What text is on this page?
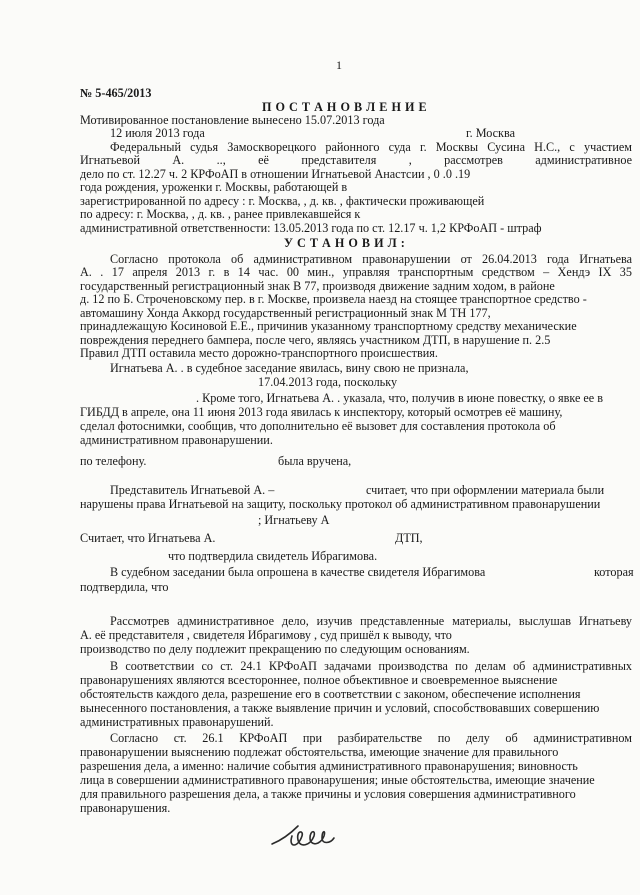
1
№ 5-465/2013
П О С Т А Н О В Л Е Н И Е
Мотивированное постановление вынесено 15.07.2013 года
12 июля 2013 года	г. Москва
Федеральный судья Замоскворецкого районного суда г. Москвы Сусина Н.С., с участием
Игнатьевой А. .., её представителя , рассмотрев административное
дело по ст. 12.27 ч. 2 КРФоАП в отношении Игнатьевой Анастсии , 0 .0 .19
года рождения, уроженки г. Москвы, работающей в
зарегистрированной по адресу : г. Москва, , д. кв. , фактически проживающей
по адресу: г. Москва, , д. кв. , ранее привлекавшейся к
административной ответственности: 13.05.2013 года по ст. 12.17 ч. 1,2 КРФоАП - штраф
У С Т А Н О В И Л :
Согласно протокола об административном правонарушении от 26.04.2013 года Игнатьева
А. . 17 апреля 2013 г. в 14 час. 00 мин., управляя транспортным средством – Хендэ IX 35
государственный регистрационный знак В 77, производя движение задним ходом, в районе
д. 12 по Б. Строченовскому пер. в г. Москве, произвела наезд на стоящее транспортное средство -
автомашину Хонда Аккорд государственный регистрационный знак М ТН 177,
принадлежащую Косиновой Е.Е., причинив указанному транспортному средству механические
повреждения переднего бампера, после чего, являясь участником ДТП, в нарушение п. 2.5
Правил ДТП оставила место дорожно-транспортного происшествия.
Игнатьева А. . в судебное заседание явилась, вину свою не признала,
17.04.2013 года, поскольку
. Кроме того, Игнатьева А. . указала, что, получив в июне повестку, о явке ее в
ГИБДД в апреле, она 11 июня 2013 года явилась к инспектору, который осмотрев её машину,
сделал фотоснимки, сообщив, что дополнительно её вызовет для составления протокола об
административном правонарушении.
по телефону.	была вручена,
Представитель Игнатьевой А. –	считает, что при оформлении материала были
нарушены права Игнатьевой на защиту, поскольку протокол об административном правонарушении
; Игнатьеву А
Считает, что Игнатьева А.	ДТП,
что подтвердила свидетель Ибрагимова.
В судебном заседании была опрошена в качестве свидетеля Ибрагимова	которая
подтвердила, что
Рассмотрев административное дело, изучив представленные материалы, выслушав Игнатьеву
А. её представителя , свидетеля Ибрагимову , суд пришёл к выводу, что
производство по делу подлежит прекращению по следующим основаниям.
В соответствии со ст. 24.1 КРФоАП задачами производства по делам об административных
правонарушениях являются всестороннее, полное объективное и своевременное выяснение
обстоятельств каждого дела, разрешение его в соответствии с законом, обеспечение исполнения
вынесенного постановления, а также выявление причин и условий, способствовавших совершению
административных правонарушений.
Согласно ст. 26.1 КРФоАП при разбирательстве по делу об административном
правонарушении выяснению подлежат обстоятельства, имеющие значение для правильного
разрешения дела, а именно: наличие события административного правонарушения; виновность
лица в совершении административного правонарушения; иные обстоятельства, имеющие значение
для правильного разрешения дела, а также причины и условия совершения административного
правонарушения.
